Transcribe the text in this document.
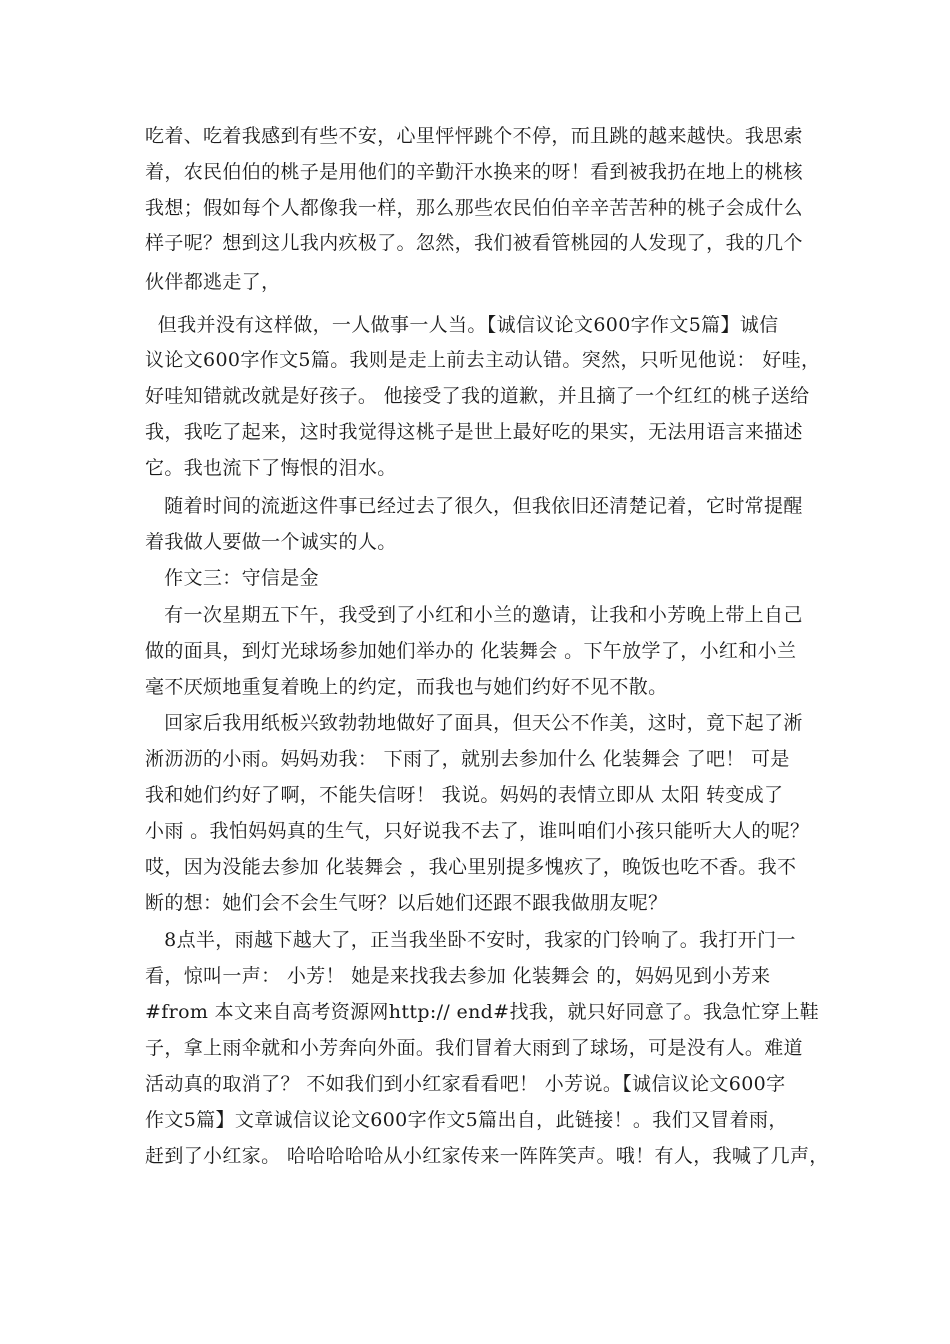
吃着、吃着我感到有些不安，心里怦怦跳个不停，而且跳的越来越快。我思索
着，农民伯伯的桃子是用他们的辛勤汗水换来的呀！看到被我扔在地上的桃核
我想；假如每个人都像我一样，那么那些农民伯伯辛辛苦苦种的桃子会成什么
样子呢？想到这儿我内疚极了。忽然，我们被看管桃园的人发现了，我的几个
伙伴都逃走了，
但我并没有这样做，一人做事一人当。【诚信议论文600字作文5篇】诚信
议论文600字作文5篇。我则是走上前去主动认错。突然，只听见他说： 好哇，
好哇知错就改就是好孩子。 他接受了我的道歉，并且摘了一个红红的桃子送给
我，我吃了起来，这时我觉得这桃子是世上最好吃的果实，无法用语言来描述
它。我也流下了悔恨的泪水。
随着时间的流逝这件事已经过去了很久，但我依旧还清楚记着，它时常提醒
着我做人要做一个诚实的人。
作文三：守信是金
有一次星期五下午，我受到了小红和小兰的邀请，让我和小芳晚上带上自己
做的面具，到灯光球场参加她们举办的 化装舞会 。下午放学了，小红和小兰
毫不厌烦地重复着晚上的约定，而我也与她们约好不见不散。
回家后我用纸板兴致勃勃地做好了面具，但天公不作美，这时，竟下起了淅
淅沥沥的小雨。妈妈劝我： 下雨了，就别去参加什么 化装舞会 了吧！ 可是
我和她们约好了啊，不能失信呀！ 我说。妈妈的表情立即从 太阳 转变成了
小雨 。我怕妈妈真的生气，只好说我不去了，谁叫咱们小孩只能听大人的呢？
哎，因为没能去参加 化装舞会 ，我心里别提多愧疚了，晚饭也吃不香。我不
断的想：她们会不会生气呀？以后她们还跟不跟我做朋友呢？
8点半，雨越下越大了，正当我坐卧不安时，我家的门铃响了。我打开门一
看，惊叫一声： 小芳！ 她是来找我去参加 化装舞会 的，妈妈见到小芳来
#from 本文来自高考资源网http:// end#找我，就只好同意了。我急忙穿上鞋
子，拿上雨伞就和小芳奔向外面。我们冒着大雨到了球场，可是没有人。难道
活动真的取消了？ 不如我们到小红家看看吧！ 小芳说。【诚信议论文600字
作文5篇】文章诚信议论文600字作文5篇出自，此链接！。我们又冒着雨，
赶到了小红家。 哈哈哈哈哈从小红家传来一阵阵笑声。哦！有人，我喊了几声，
